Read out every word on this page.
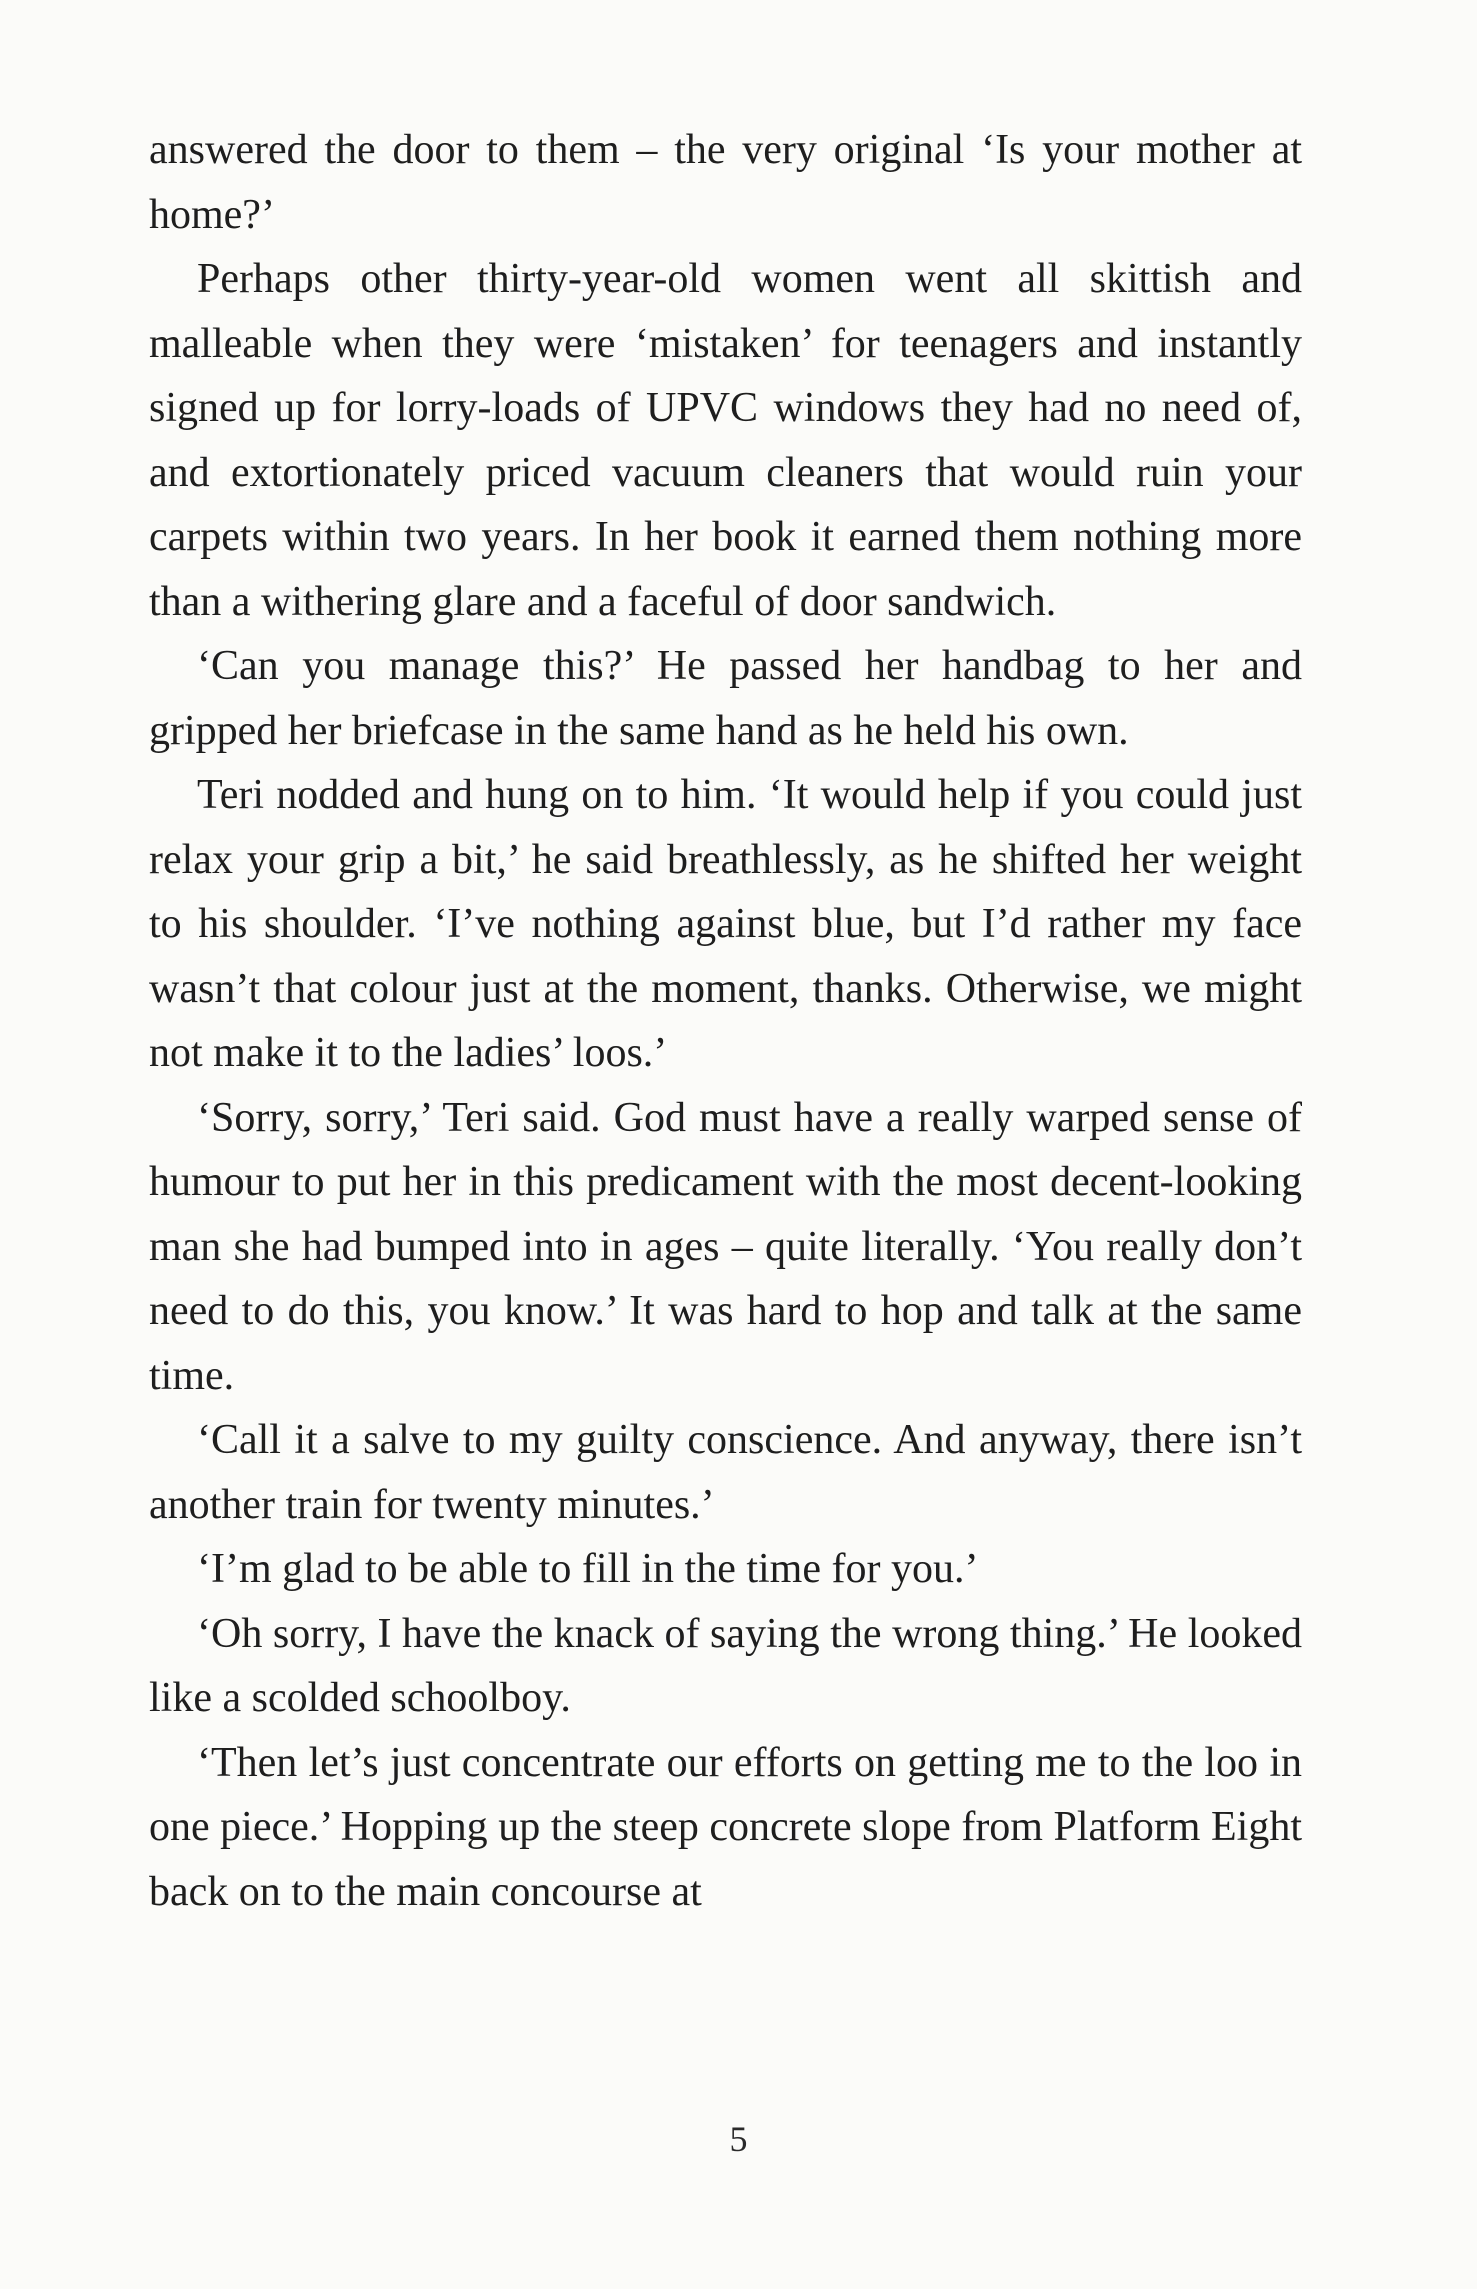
answered the door to them – the very original ‘Is your mother at home?’

Perhaps other thirty-year-old women went all skittish and malleable when they were ‘mistaken’ for teenagers and instantly signed up for lorry-loads of UPVC windows they had no need of, and extortionately priced vacuum cleaners that would ruin your carpets within two years. In her book it earned them nothing more than a withering glare and a faceful of door sandwich.

‘Can you manage this?’ He passed her handbag to her and gripped her briefcase in the same hand as he held his own.

Teri nodded and hung on to him. ‘It would help if you could just relax your grip a bit,’ he said breathlessly, as he shifted her weight to his shoulder. ‘I’ve nothing against blue, but I’d rather my face wasn’t that colour just at the moment, thanks. Otherwise, we might not make it to the ladies’ loos.’

‘Sorry, sorry,’ Teri said. God must have a really warped sense of humour to put her in this predicament with the most decent-looking man she had bumped into in ages – quite literally. ‘You really don’t need to do this, you know.’ It was hard to hop and talk at the same time.

‘Call it a salve to my guilty conscience. And anyway, there isn’t another train for twenty minutes.’

‘I’m glad to be able to fill in the time for you.’

‘Oh sorry, I have the knack of saying the wrong thing.’ He looked like a scolded schoolboy.

‘Then let’s just concentrate our efforts on getting me to the loo in one piece.’ Hopping up the steep concrete slope from Platform Eight back on to the main concourse at

5
